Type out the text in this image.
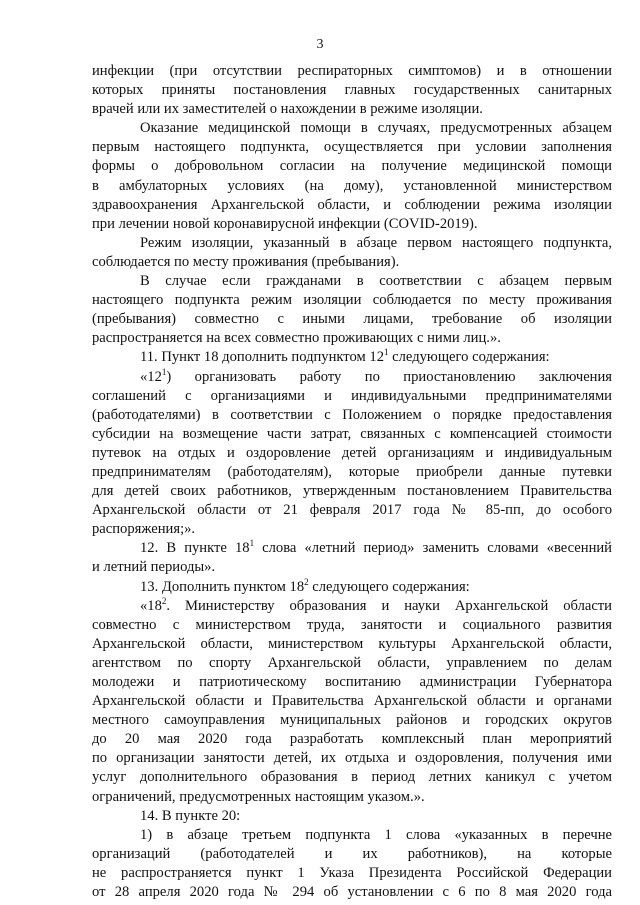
3
инфекции (при отсутствии респираторных симптомов) и в отношении
которых приняты постановления главных государственных санитарных
врачей или их заместителей о нахождении в режиме изоляции.
Оказание медицинской помощи в случаях, предусмотренных абзацем
первым настоящего подпункта, осуществляется при условии заполнения
формы о добровольном согласии на получение медицинской помощи
в амбулаторных условиях (на дому), установленной министерством
здравоохранения Архангельской области, и соблюдении режима изоляции
при лечении новой коронавирусной инфекции (COVID-2019).
Режим изоляции, указанный в абзаце первом настоящего подпункта,
соблюдается по месту проживания (пребывания).
В случае если гражданами в соответствии с абзацем первым
настоящего подпункта режим изоляции соблюдается по месту проживания
(пребывания) совместно с иными лицами, требование об изоляции
распространяется на всех совместно проживающих с ними лиц.».
11. Пункт 18 дополнить подпунктом $12^1$ следующего содержания:
«$12^1$) организовать работу по приостановлению заключения
соглашений с организациями и индивидуальными предпринимателями
(работодателями) в соответствии с Положением о порядке предоставления
субсидии на возмещение части затрат, связанных с компенсацией стоимости
путевок на отдых и оздоровление детей организациям и индивидуальным
предпринимателям (работодателям), которые приобрели данные путевки
для детей своих работников, утвержденным постановлением Правительства
Архангельской области от 21 февраля 2017 года № 85-пп, до особого
распоряжения;».
12. В пункте $18^1$ слова «летний период» заменить словами «весенний
и летний периоды».
13. Дополнить пунктом $18^2$ следующего содержания:
«$18^2$. Министерству образования и науки Архангельской области
совместно с министерством труда, занятости и социального развития
Архангельской области, министерством культуры Архангельской области,
агентством по спорту Архангельской области, управлением по делам
молодежи и патриотическому воспитанию администрации Губернатора
Архангельской области и Правительства Архангельской области и органами
местного самоуправления муниципальных районов и городских округов
до 20 мая 2020 года разработать комплексный план мероприятий
по организации занятости детей, их отдыха и оздоровления, получения ими
услуг дополнительного образования в период летних каникул с учетом
ограничений, предусмотренных настоящим указом.».
14. В пункте 20:
1) в абзаце третьем подпункта 1 слова «указанных в перечне
организаций (работодателей и их работников), на которые
не распространяется пункт 1 Указа Президента Российской Федерации
от 28 апреля 2020 года № 294 об установлении с 6 по 8 мая 2020 года
